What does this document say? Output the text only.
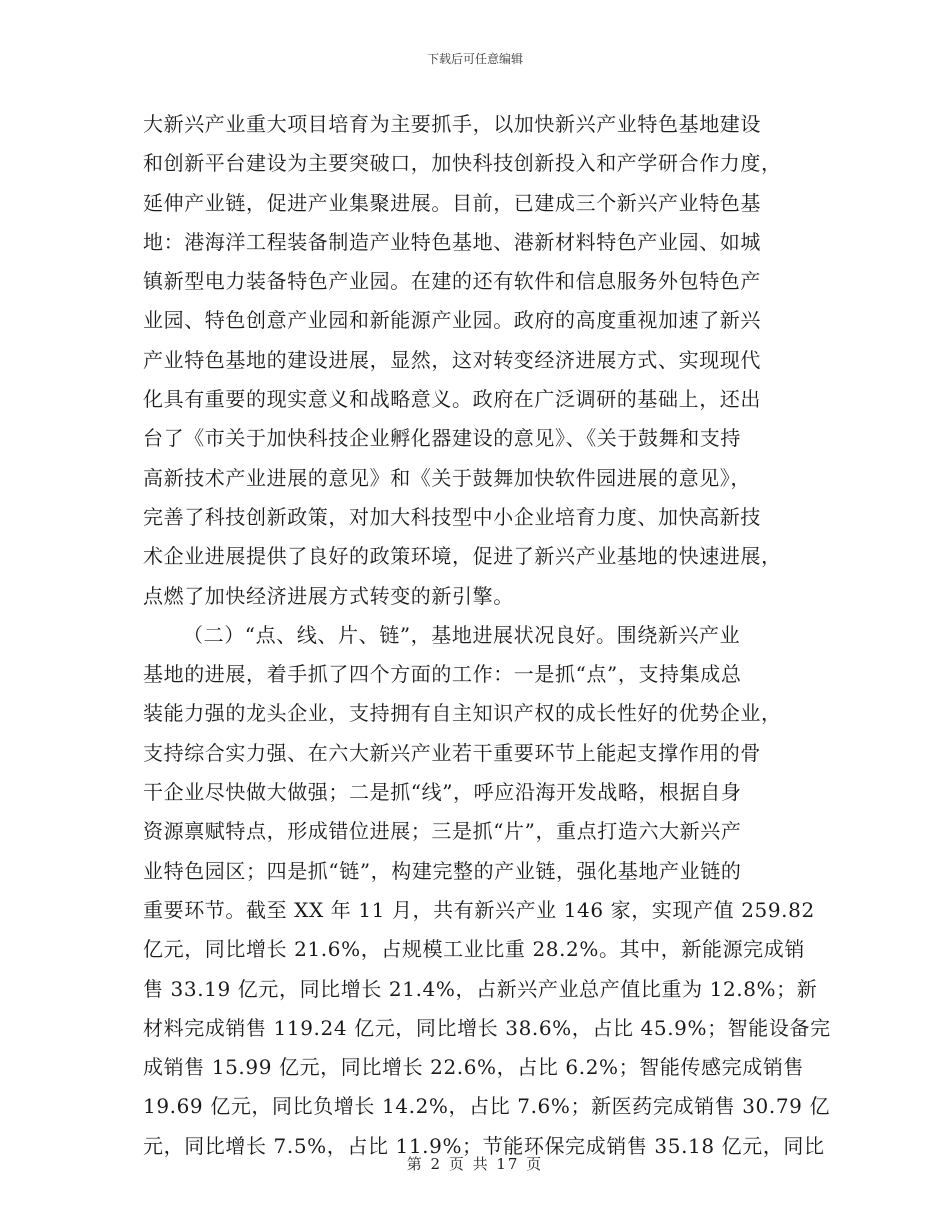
下载后可任意编辑
大新兴产业重大项目培育为主要抓手，以加快新兴产业特色基地建设
和创新平台建设为主要突破口，加快科技创新投入和产学研合作力度，
延伸产业链，促进产业集聚进展。目前，已建成三个新兴产业特色基
地：港海洋工程装备制造产业特色基地、港新材料特色产业园、如城
镇新型电力装备特色产业园。在建的还有软件和信息服务外包特色产
业园、特色创意产业园和新能源产业园。政府的高度重视加速了新兴
产业特色基地的建设进展，显然，这对转变经济进展方式、实现现代
化具有重要的现实意义和战略意义。政府在广泛调研的基础上，还出
台了《市关于加快科技企业孵化器建设的意见》、《关于鼓舞和支持
高新技术产业进展的意见》和《关于鼓舞加快软件园进展的意见》，
完善了科技创新政策，对加大科技型中小企业培育力度、加快高新技
术企业进展提供了良好的政策环境，促进了新兴产业基地的快速进展，
点燃了加快经济进展方式转变的新引擎。
（二）“点、线、片、链”，基地进展状况良好。围绕新兴产业
基地的进展，着手抓了四个方面的工作：一是抓“点”，支持集成总
装能力强的龙头企业，支持拥有自主知识产权的成长性好的优势企业，
支持综合实力强、在六大新兴产业若干重要环节上能起支撑作用的骨
干企业尽快做大做强；二是抓“线”，呼应沿海开发战略，根据自身
资源禀赋特点，形成错位进展；三是抓“片”，重点打造六大新兴产
业特色园区；四是抓“链”，构建完整的产业链，强化基地产业链的
重要环节。截至 XX 年 11 月，共有新兴产业 146 家，实现产值 259.82
亿元，同比增长 21.6%，占规模工业比重 28.2%。其中，新能源完成销
售 33.19 亿元，同比增长 21.4%，占新兴产业总产值比重为 12.8%；新
材料完成销售 119.24 亿元，同比增长 38.6%，占比 45.9%；智能设备完
成销售 15.99 亿元，同比增长 22.6%，占比 6.2%；智能传感完成销售
19.69 亿元，同比负增长 14.2%，占比 7.6%；新医药完成销售 30.79 亿
元，同比增长 7.5%，占比 11.9%；节能环保完成销售 35.18 亿元，同比
第 2 页 共 17 页
